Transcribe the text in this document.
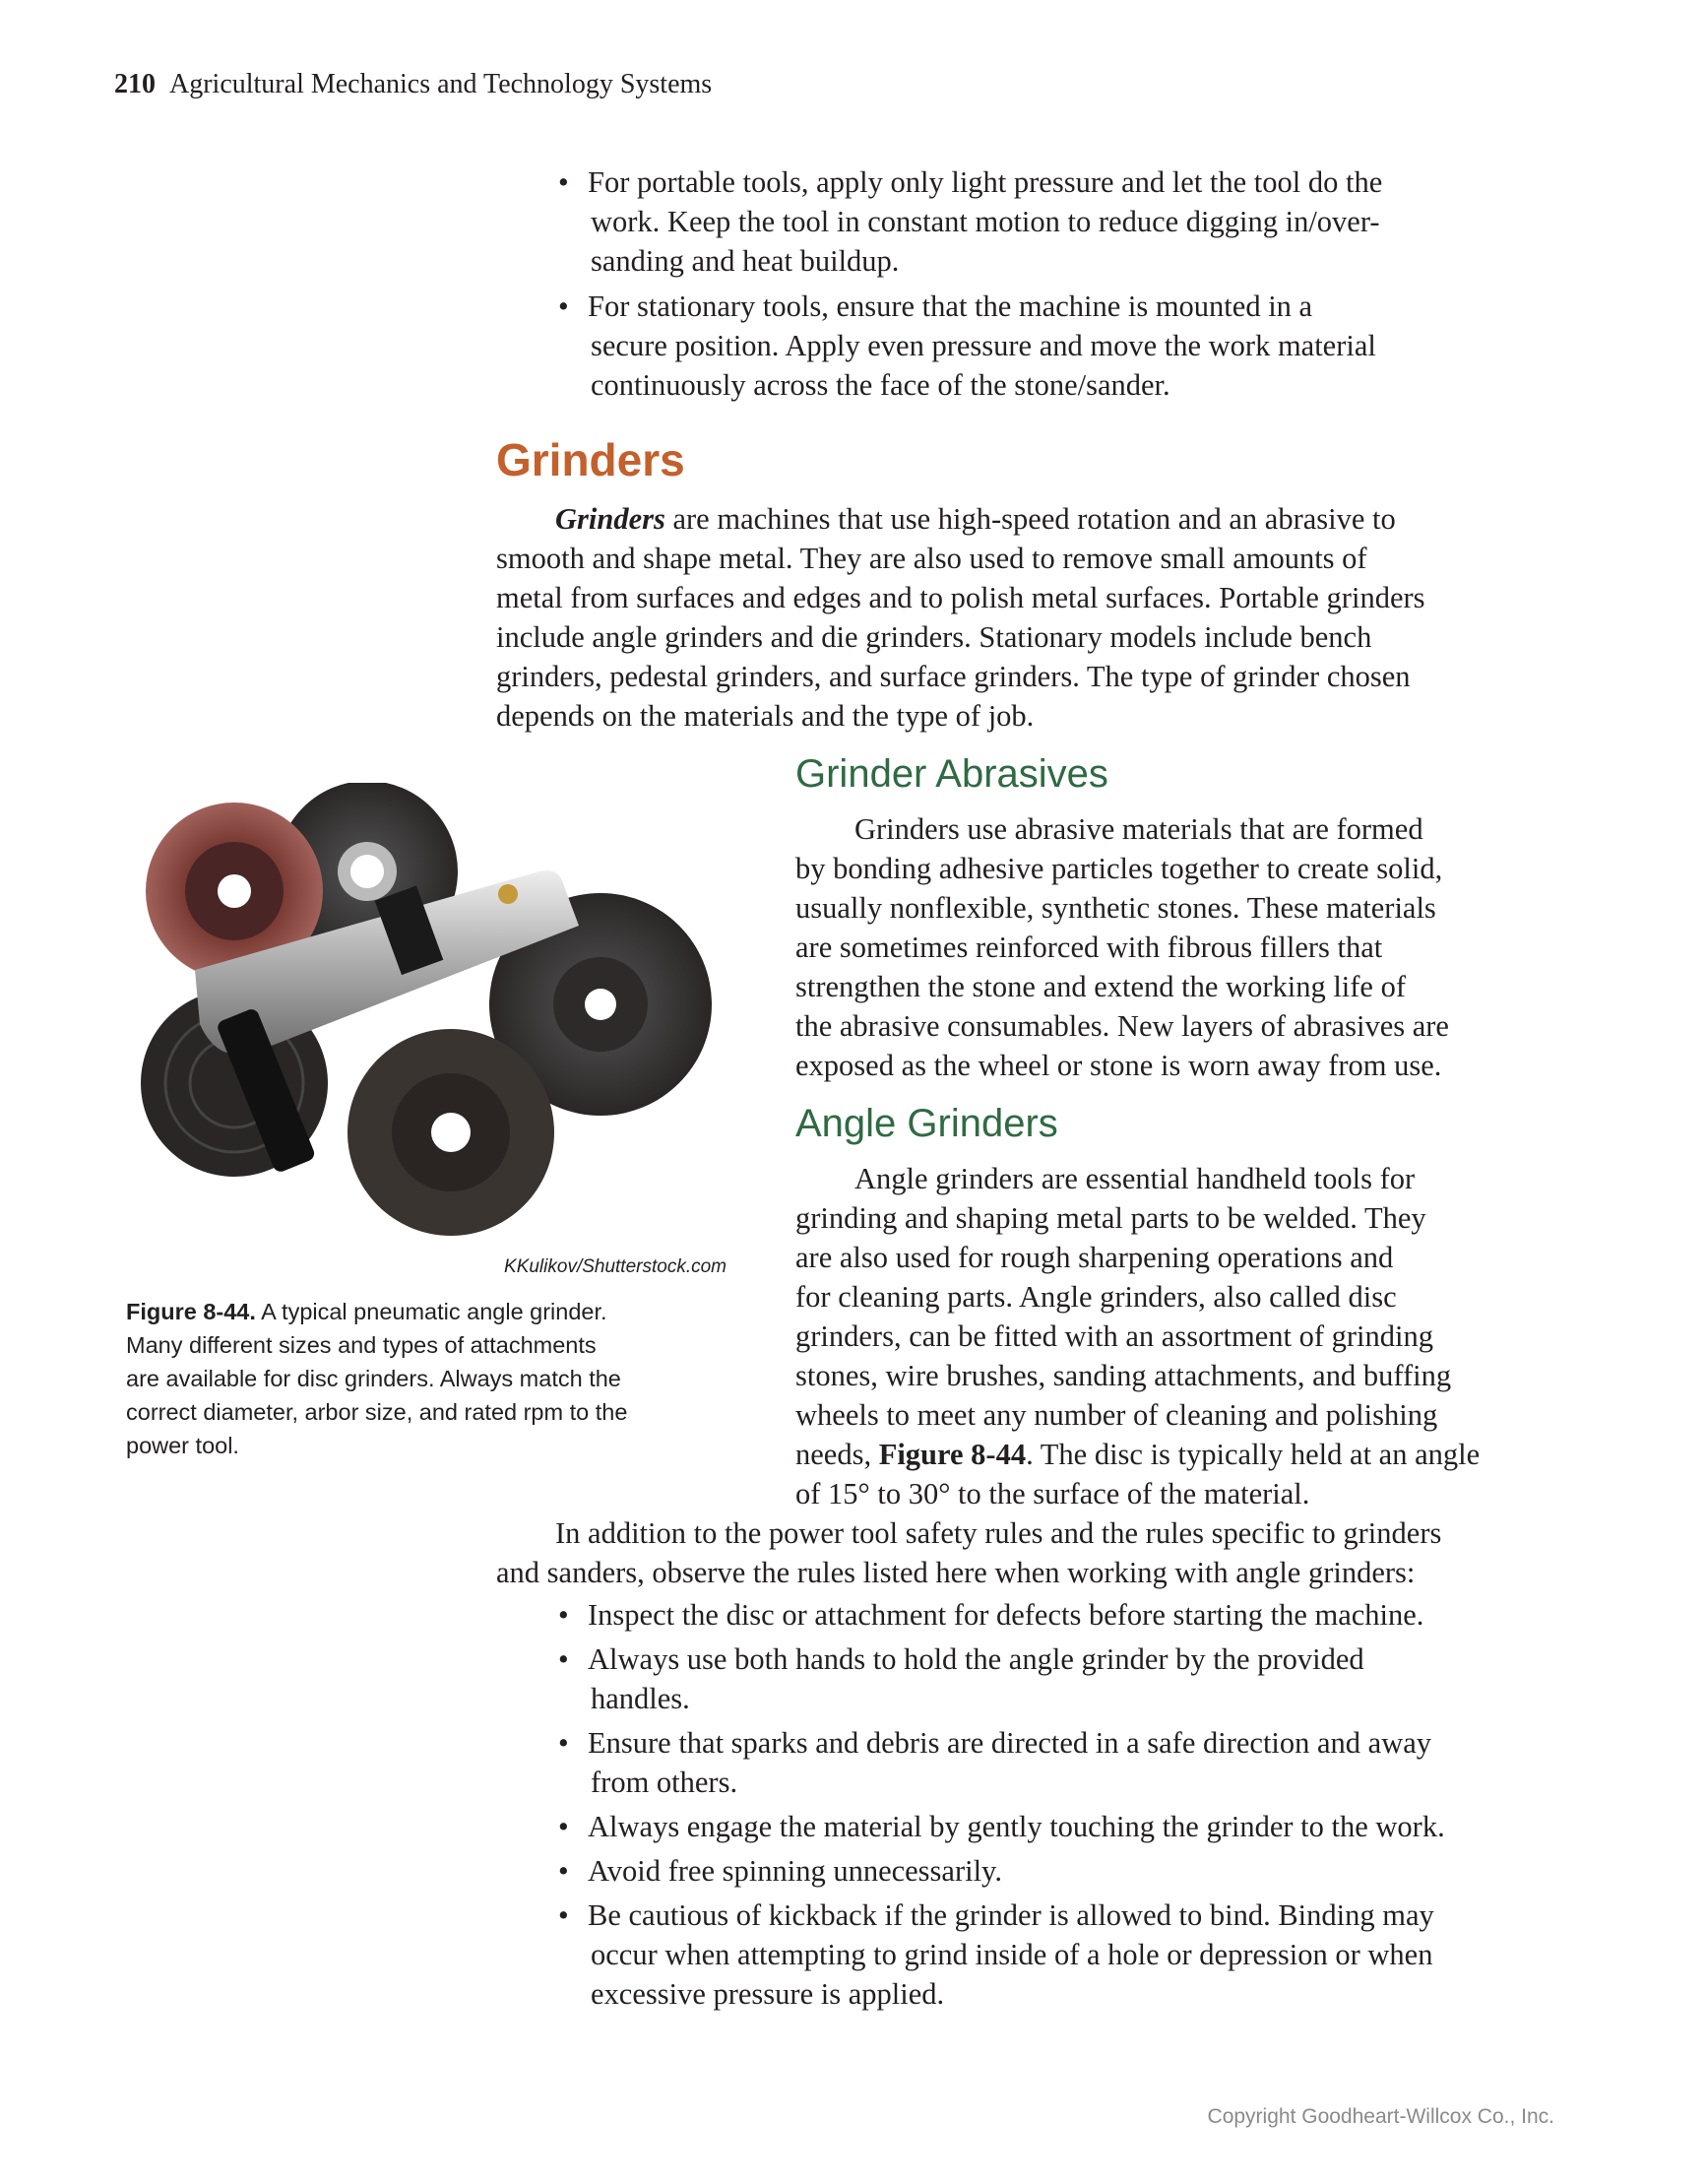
210 Agricultural Mechanics and Technology Systems
• For portable tools, apply only light pressure and let the tool do the
work. Keep the tool in constant motion to reduce digging in/over-
sanding and heat buildup.
• For stationary tools, ensure that the machine is mounted in a
secure position. Apply even pressure and move the work material
continuously across the face of the stone/sander.
Grinders
Grinders are machines that use high-speed rotation and an abrasive to
smooth and shape metal. They are also used to remove small amounts of
metal from surfaces and edges and to polish metal surfaces. Portable grinders
include angle grinders and die grinders. Stationary models include bench
grinders, pedestal grinders, and surface grinders. The type of grinder chosen
depends on the materials and the type of job.
KKulikov/Shutterstock.com
Figure 8-44. A typical pneumatic angle grinder.
Many different sizes and types of attachments
are available for disc grinders. Always match the
correct diameter, arbor size, and rated rpm to the
power tool.
Grinder Abrasives
Grinders use abrasive materials that are formed
by bonding adhesive particles together to create solid,
usually nonflexible, synthetic stones. These materials
are sometimes reinforced with fibrous fillers that
strengthen the stone and extend the working life of
the abrasive consumables. New layers of abrasives are
exposed as the wheel or stone is worn away from use.
Angle Grinders
Angle grinders are essential handheld tools for
grinding and shaping metal parts to be welded. They
are also used for rough sharpening operations and
for cleaning parts. Angle grinders, also called disc
grinders, can be fitted with an assortment of grinding
stones, wire brushes, sanding attachments, and buffing
wheels to meet any number of cleaning and polishing
needs, Figure 8-44. The disc is typically held at an angle
of 15° to 30° to the surface of the material.
In addition to the power tool safety rules and the rules specific to grinders
and sanders, observe the rules listed here when working with angle grinders:
• Inspect the disc or attachment for defects before starting the machine.
• Always use both hands to hold the angle grinder by the provided
handles.
• Ensure that sparks and debris are directed in a safe direction and away
from others.
• Always engage the material by gently touching the grinder to the work.
• Avoid free spinning unnecessarily.
• Be cautious of kickback if the grinder is allowed to bind. Binding may
occur when attempting to grind inside of a hole or depression or when
excessive pressure is applied.
Copyright Goodheart-Willcox Co., Inc.
